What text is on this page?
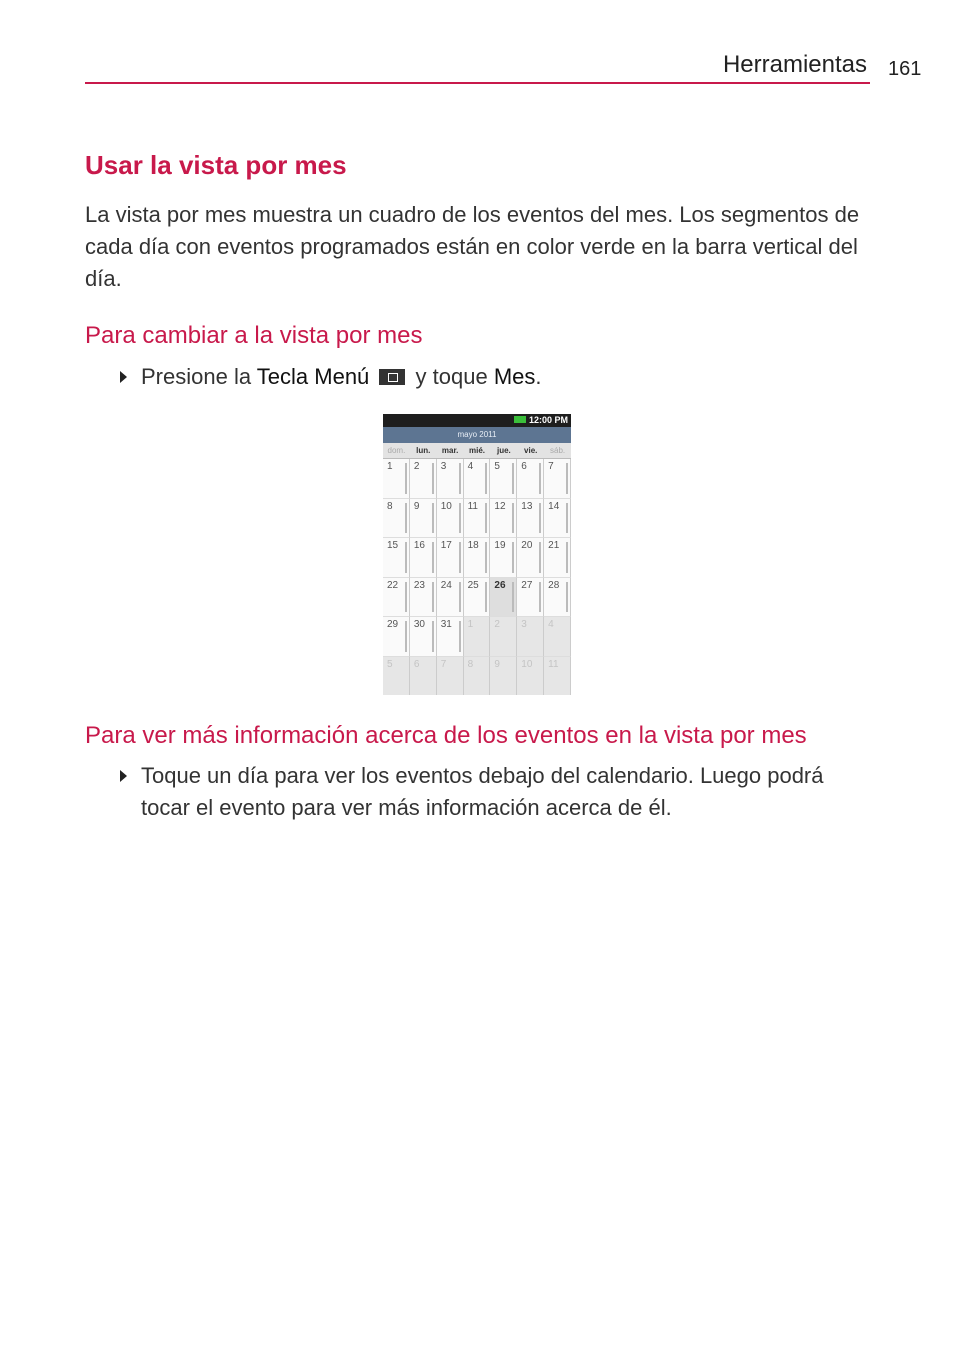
Herramientas 161
Usar la vista por mes
La vista por mes muestra un cuadro de los eventos del mes. Los segmentos de cada día con eventos programados están en color verde en la barra vertical del día.
Para cambiar a la vista por mes
Presione la Tecla Menú  y toque Mes.
12:00 PM
mayo 2011
dom.	lun.	mar.	mié.	jue.	vie.	sáb.
1	2	3	4	5	6	7
8	9	10	11	12	13	14
15	16	17	18	19	20	21
22	23	24	25	26	27	28
29	30	31	1	2	3	4
5	6	7	8	9	10	11
Para ver más información acerca de los eventos en la vista por mes
Toque un día para ver los eventos debajo del calendario. Luego podrá tocar el evento para ver más información acerca de él.
